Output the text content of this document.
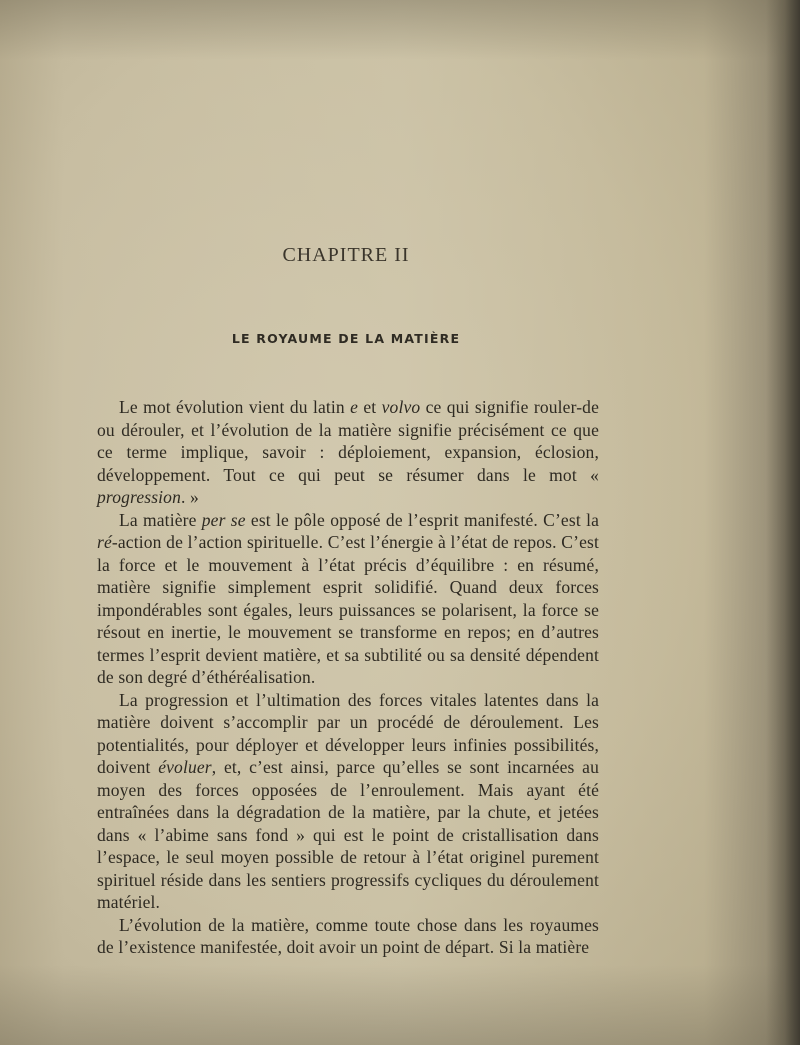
CHAPITRE II
LE ROYAUME DE LA MATIÈRE

Le mot évolution vient du latin e et volvo ce qui signifie rouler-de ou dérouler, et l’évolution de la matière signifie précisément ce que ce terme implique, savoir : déploiement, expansion, éclosion, développement. Tout ce qui peut se résumer dans le mot « progression. »

La matière per se est le pôle opposé de l’esprit manifesté. C’est la ré-action de l’action spirituelle. C’est l’énergie à l’état de repos. C’est la force et le mouvement à l’état précis d’équilibre : en résumé, matière signifie simplement esprit solidifié. Quand deux forces impondérables sont égales, leurs puissances se polarisent, la force se résout en inertie, le mouvement se transforme en repos; en d’autres termes l’esprit devient matière, et sa subtilité ou sa densité dépendent de son degré d’éthéréalisation.

La progression et l’ultimation des forces vitales latentes dans la matière doivent s’accomplir par un procédé de déroulement. Les potentialités, pour déployer et développer leurs infinies possibilités, doivent évoluer, et, c’est ainsi, parce qu’elles se sont incarnées au moyen des forces opposées de l’enroulement. Mais ayant été entraînées dans la dégradation de la matière, par la chute, et jetées dans « l’abime sans fond » qui est le point de cristallisation dans l’espace, le seul moyen possible de retour à l’état originel purement spirituel réside dans les sentiers progressifs cycliques du déroulement matériel.

L’évolution de la matière, comme toute chose dans les royaumes de l’existence manifestée, doit avoir un point de départ. Si la matière
